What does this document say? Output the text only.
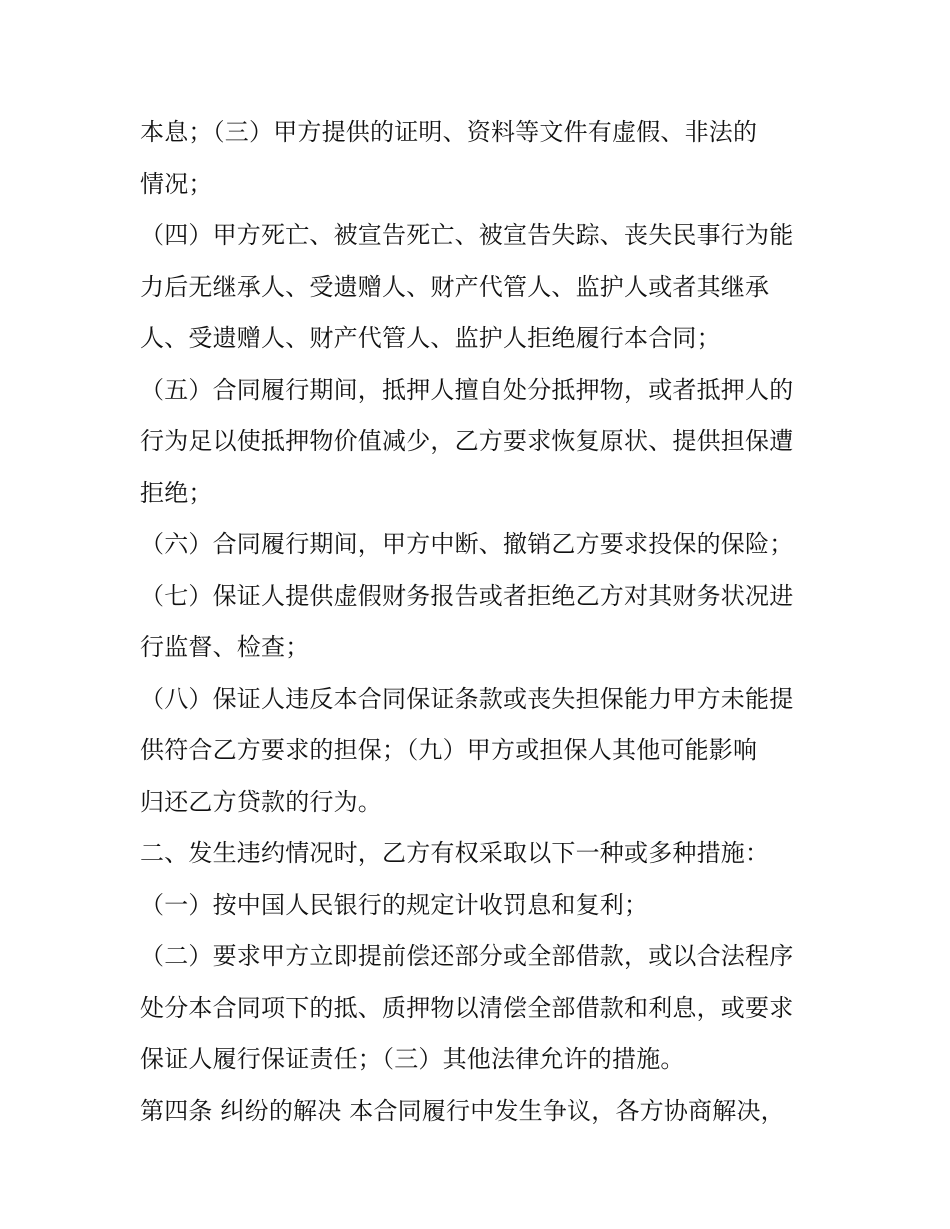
本息；（三）甲方提供的证明、资料等文件有虚假、非法的
情况；
（四）甲方死亡、被宣告死亡、被宣告失踪、丧失民事行为能
力后无继承人、受遗赠人、财产代管人、监护人或者其继承
人、受遗赠人、财产代管人、监护人拒绝履行本合同；
（五）合同履行期间，抵押人擅自处分抵押物，或者抵押人的
行为足以使抵押物价值减少，乙方要求恢复原状、提供担保遭
拒绝；
（六）合同履行期间，甲方中断、撤销乙方要求投保的保险；
（七）保证人提供虚假财务报告或者拒绝乙方对其财务状况进
行监督、检查；
（八）保证人违反本合同保证条款或丧失担保能力甲方未能提
供符合乙方要求的担保；（九）甲方或担保人其他可能影响
归还乙方贷款的行为。
二、发生违约情况时，乙方有权采取以下一种或多种措施：
（一）按中国人民银行的规定计收罚息和复利；
（二）要求甲方立即提前偿还部分或全部借款，或以合法程序
处分本合同项下的抵、质押物以清偿全部借款和利息，或要求
保证人履行保证责任；（三）其他法律允许的措施。
第四条 纠纷的解决 本合同履行中发生争议，各方协商解决，
